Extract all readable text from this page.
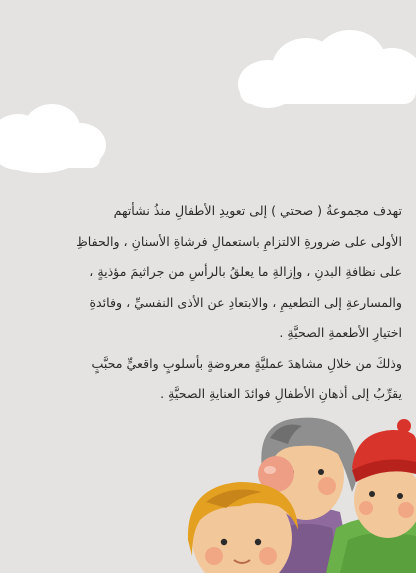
تهدف مجموعةُ ( صحتي ) إلى تعويدِ الأطفالِ منذُ نشأتهم
الأولى على ضرورةِ الالتزامِ باستعمالِ فرشاةِ الأسنانِ ، والحفاظِ
على نظافةِ البدنِ ، وإزالةِ ما يعلقُ بالرأسِ من جراثيمَ مؤذيةٍ ،
والمسارعةِ إلى التطعيمِ ، والابتعادِ عن الأذى النفسيِّ ، وفائدةِ
اختيارِ الأطعمةِ الصحيَّةِ .
وذلكَ من خلالِ مشاهدَ عمليَّةٍ معروضةٍ بأسلوبٍ واقعيٍّ محبَّبٍ
يقرِّبُ إلى أذهانِ الأطفالِ فوائدَ العنايةِ الصحيَّةِ .
